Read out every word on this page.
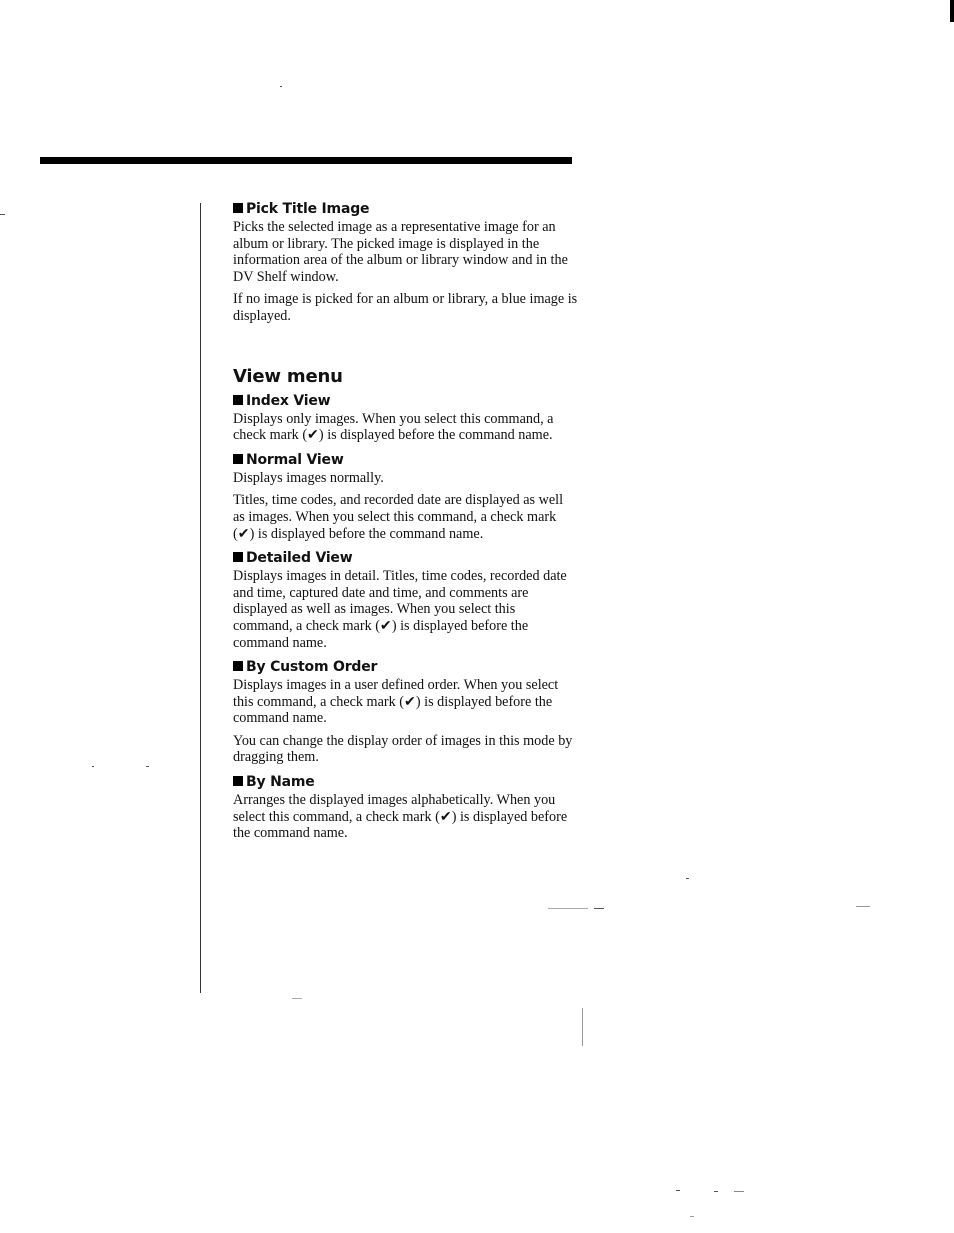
Pick Title Image

Picks the selected image as a representative image for an album or library. The picked image is displayed in the information area of the album or library window and in the DV Shelf window.

If no image is picked for an album or library, a blue image is displayed.

View menu
Index View

Displays only images. When you select this command, a check mark (✔) is displayed before the command name.

Normal View

Displays images normally.

Titles, time codes, and recorded date are displayed as well as images. When you select this command, a check mark (✔) is displayed before the command name.

Detailed View

Displays images in detail. Titles, time codes, recorded date and time, captured date and time, and comments are displayed as well as images. When you select this command, a check mark (✔) is displayed before the command name.

By Custom Order

Displays images in a user defined order. When you select this command, a check mark (✔) is displayed before the command name.

You can change the display order of images in this mode by dragging them.

By Name

Arranges the displayed images alphabetically. When you select this command, a check mark (✔) is displayed before the command name.
